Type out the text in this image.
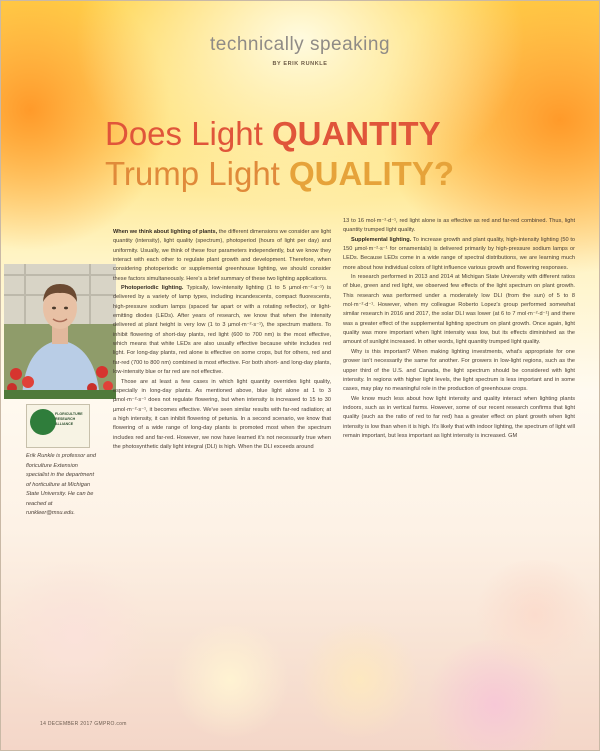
technically speaking
BY ERIK RUNKLE
Does Light QUANTITY
Trump Light QUALITY?
FLORICULTURE RESEARCH ALLIANCE
Erik Runkle is professor and floriculture Extension specialist in the department of horticulture at Michigan State University. He can be reached at runkleer@msu.edu.

When we think about lighting of plants, the different dimensions we consider are light quantity (intensity), light quality (spectrum), photoperiod (hours of light per day) and uniformity. Usually, we think of these four parameters independently, but we know they interact with each other to regulate plant growth and development. Therefore, when considering photoperiodic or supplemental greenhouse lighting, we should consider these factors simultaneously. Here's a brief summary of these two lighting applications.

Photoperiodic lighting. Typically, low-intensity lighting (1 to 5 µmol·m⁻²·s⁻¹) is delivered by a variety of lamp types, including incandescents, compact fluorescents, high-pressure sodium lamps (spaced far apart or with a rotating reflector), or light-emitting diodes (LEDs). After years of research, we know that when the intensity delivered at plant height is very low (1 to 3 µmol·m⁻²·s⁻¹), the spectrum matters. To inhibit flowering of short-day plants, red light (600 to 700 nm) is the most effective, which means that white LEDs are also usually effective because white includes red light. For long-day plants, red alone is effective on some crops, but for others, red and far-red (700 to 800 nm) combined is most effective. For both short- and long-day plants, low-intensity blue or far red are not effective.

Those are at least a few cases in which light quantity overrides light quality, especially in long-day plants. As mentioned above, blue light alone at 1 to 3 µmol·m⁻²·s⁻¹ does not regulate flowering, but when intensity is increased to 15 to 30 µmol·m⁻²·s⁻¹, it becomes effective. We've seen similar results with far-red radiation; at a high intensity, it can inhibit flowering of petunia. In a second scenario, we know that flowering of a wide range of long-day plants is promoted most when the spectrum includes red and far-red. However, we now have learned it's not necessarily true when the photosynthetic daily light integral (DLI) is high. When the DLI exceeds around

13 to 16 mol·m⁻²·d⁻¹, red light alone is as effective as red and far-red combined. Thus, light quantity trumped light quality.

Supplemental lighting. To increase growth and plant quality, high-intensity lighting (50 to 150 µmol·m⁻²·s⁻¹ for ornamentals) is delivered primarily by high-pressure sodium lamps or LEDs. Because LEDs come in a wide range of spectral distributions, we are learning much more about how individual colors of light influence various growth and flowering responses.

In research performed in 2013 and 2014 at Michigan State University with different ratios of blue, green and red light, we observed few effects of the light spectrum on plant growth. This research was performed under a moderately low DLI (from the sun) of 5 to 8 mol·m⁻²·d⁻¹. However, when my colleague Roberto Lopez's group performed somewhat similar research in 2016 and 2017, the solar DLI was lower (at 6 to 7 mol·m⁻²·d⁻¹) and there was a greater effect of the supplemental lighting spectrum on plant growth. Once again, light quality was more important when light intensity was low, but its effects diminished as the amount of sunlight increased. In other words, light quantity trumped light quality.

Why is this important? When making lighting investments, what's appropriate for one grower isn't necessarily the same for another. For growers in low-light regions, such as the upper third of the U.S. and Canada, the light spectrum should be considered with light intensity. In regions with higher light levels, the light spectrum is less important and in some cases, may play no meaningful role in the production of greenhouse crops.

We know much less about how light intensity and quality interact when lighting plants indoors, such as in vertical farms. However, some of our recent research confirms that light quality (such as the ratio of red to far red) has a greater effect on plant growth when light intensity is low than when it is high. It's likely that with indoor lighting, the spectrum of light will remain important, but less important as light intensity is increased. GM

14 DECEMBER 2017 GMPRO.com
